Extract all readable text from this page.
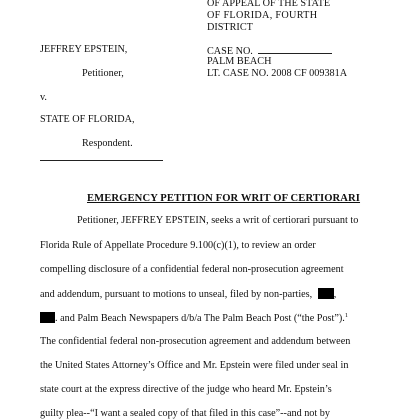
OF APPEAL OF THE STATE
OF FLORIDA, FOURTH
DISTRICT
JEFFREY EPSTEIN,
Petitioner,
v.
STATE OF FLORIDA,
Respondent.
CASE NO.
PALM BEACH
LT. CASE NO. 2008 CF 009381A
EMERGENCY PETITION FOR WRIT OF CERTIORARI
Petitioner, JEFFREY EPSTEIN, seeks a writ of certiorari pursuant to
Florida Rule of Appellate Procedure 9.100(c)(1), to review an order
compelling disclosure of a confidential federal non-prosecution agreement
and addendum, pursuant to motions to unseal, filed by non-parties, ,
. and Palm Beach Newspapers d/b/a The Palm Beach Post (“the Post”).$^1$
The confidential federal non-prosecution agreement and addendum between
the United States Attorney’s Office and Mr. Epstein were filed under seal in
state court at the express directive of the judge who heard Mr. Epstein’s
guilty plea--“I want a sealed copy of that filed in this case”--and not by
